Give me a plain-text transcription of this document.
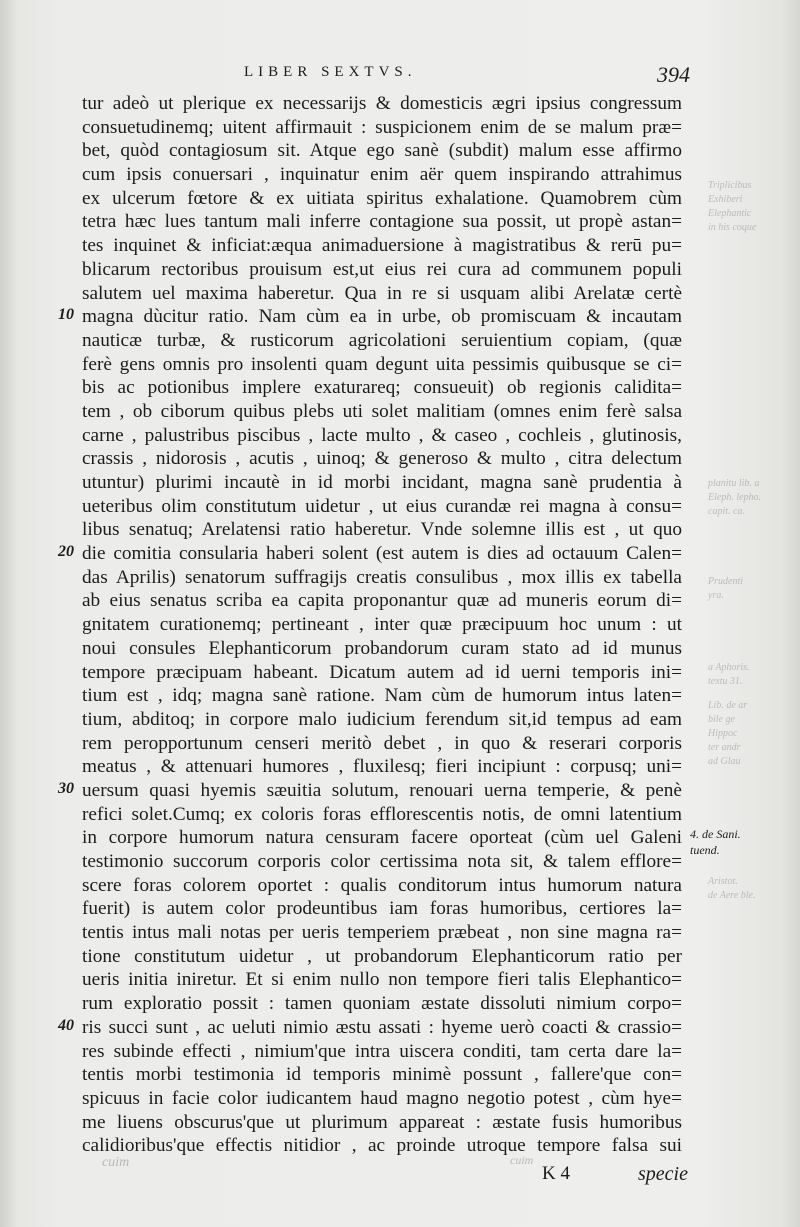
LIBER SEXTVS.	394
tur adeò ut plerique ex necessarijs & domesticis ægri ipsius congressum
consuetudinemq; uitent affirmauit : suspicionem enim de se malum præ=
bet, quòd contagiosum sit. Atque ego sanè (subdit) malum esse affirmo
cum ipsis conuersari , inquinatur enim aër quem inspirando attrahimus
ex ulcerum fœtore & ex uitiata spiritus exhalatione. Quamobrem cùm
tetra hæc lues tantum mali inferre contagione sua possit, ut propè astan=
tes inquinet & inficiat:æqua animaduersione à magistratibus & rerū pu=
blicarum rectoribus prouisum est,ut eius rei cura ad communem populi
salutem uel maxima haberetur. Qua in re si usquam alibi Arelatæ certè
magna dùcitur ratio. Nam cùm ea in urbe, ob promiscuam & incautam
nauticæ turbæ, & rusticorum agricolationi seruientium copiam, (quæ
ferè gens omnis pro insolenti quam degunt uita pessimis quibusque se ci=
bis ac potionibus implere exaturareq; consueuit) ob regionis calidita=
tem , ob ciborum quibus plebs uti solet malitiam (omnes enim ferè salsa
carne , palustribus piscibus , lacte multo , & caseo , cochleis , glutinosis,
crassis , nidorosis , acutis , uinoq; & generoso & multo , citra delectum
utuntur) plurimi incautè in id morbi incidant, magna sanè prudentia à
ueteribus olim constitutum uidetur , ut eius curandæ rei magna à consu=
libus senatuq; Arelatensi ratio haberetur. Vnde solemne illis est , ut quo
die comitia consularia haberi solent (est autem is dies ad octauum Calen=
das Aprilis) senatorum suffragijs creatis consulibus , mox illis ex tabella
ab eius senatus scriba ea capita proponantur quæ ad muneris eorum di=
gnitatem curationemq; pertineant , inter quæ præcipuum hoc unum : ut
noui consules Elephanticorum probandorum curam stato ad id munus
tempore præcipuam habeant. Dicatum autem ad id uerni temporis ini=
tium est , idq; magna sanè ratione. Nam cùm de humorum intus laten=
tium, abditoq; in corpore malo iudicium ferendum sit,id tempus ad eam
rem peropportunum censeri meritò debet , in quo & reserari corporis
meatus , & attenuari humores , fluxilesq; fieri incipiunt : corpusq; uni=
uersum quasi hyemis sæuitia solutum, renouari uerna temperie, & penè
refici solet.Cumq; ex coloris foras efflorescentis notis, de omni latentium
in corpore humorum natura censuram facere oporteat (cùm uel Galeni
testimonio succorum corporis color certissima nota sit, & talem efflore=
scere foras colorem oportet : qualis conditorum intus humorum natura
fuerit) is autem color prodeuntibus iam foras humoribus, certiores la=
tentis intus mali notas per ueris temperiem præbeat , non sine magna ra=
tione constitutum uidetur , ut probandorum Elephanticorum ratio per
ueris initia iniretur. Et si enim nullo non tempore fieri talis Elephantico=
rum exploratio possit : tamen quoniam æstate dissoluti nimium corpo=
ris succi sunt , ac ueluti nimio æstu assati : hyeme uerò coacti & crassio=
res subinde effecti , nimium'que intra uiscera conditi, tam certa dare la=
tentis morbi testimonia id temporis minimè possunt , fallere'que con=
spicuus in facie color iudicantem haud magno negotio potest , cùm hye=
me liuens obscurus'que ut plurimum appareat : æstate fusis humoribus
calidioribus'que effectis nitidior , ac proinde utroque tempore falsa sui
10
20
30
40
4. de Sani.
tuend.
Triplicibus
Exhiberi
Elephantic
in his coque
planitu lib. a
Eleph. lepho.
capit. ca.
Prudenti
yra.
a Aphoris.
textu 31.
Lib. de ar
bile ge
Hippoc
ter andr
ad Glau
Aristot.
de Aere ble.
cuim	cuim
K 4	specie
